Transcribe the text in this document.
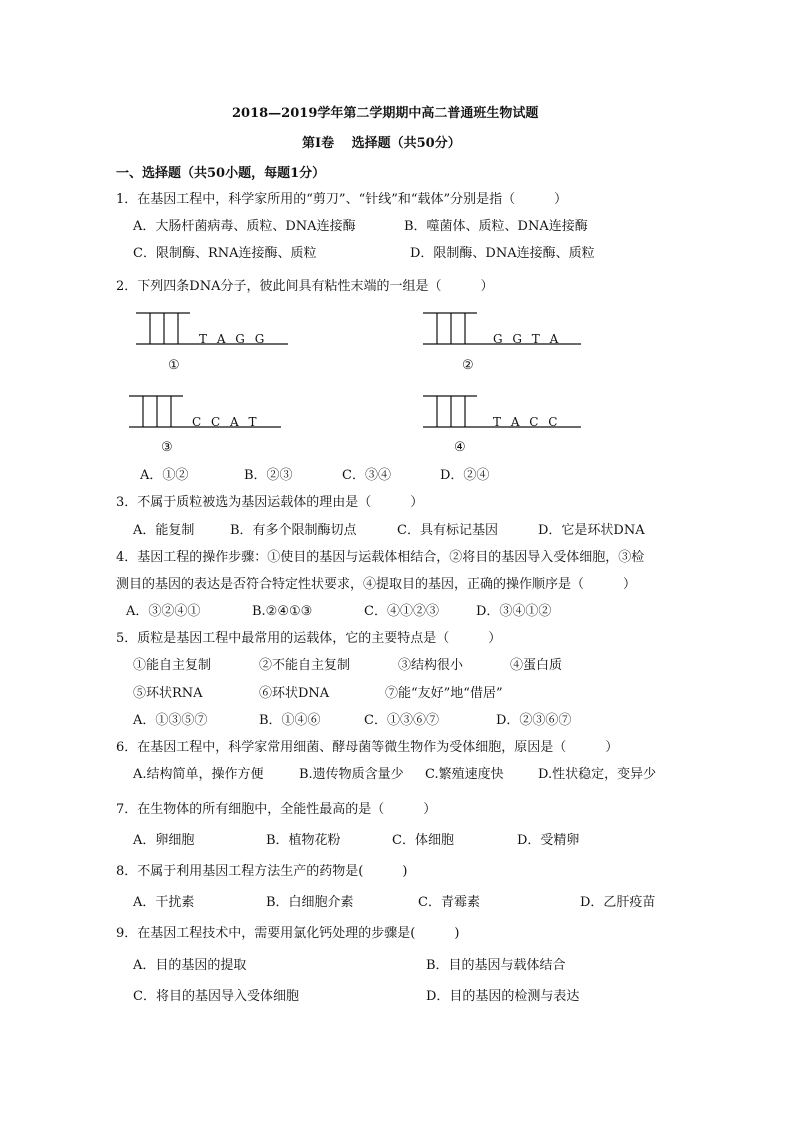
2018—2019学年第二学期期中高二普通班生物试题
第Ⅰ卷　 选择题（共50分）
一、选择题（共50小题，每题1分）
1．在基因工程中，科学家所用的“剪刀”、“针线”和“载体”分别是指（　　　）
A．大肠杆菌病毒、质粒、DNA连接酶	B．噬菌体、质粒、DNA连接酶
C．限制酶、RNA连接酶、质粒	D．限制酶、DNA连接酶、质粒
2．下列四条DNA分子，彼此间具有粘性末端的一组是（　　　）
T A G G
①
G G T A
②
C C A T
③
T A C C
④
A．①②	B．②③	C．③④	D．②④
3．不属于质粒被选为基因运载体的理由是（　　　）
A．能复制	B．有多个限制酶切点	C．具有标记基因	D．它是环状DNA
4．基因工程的操作步骤：①使目的基因与运载体相结合，②将目的基因导入受体细胞，③检
测目的基因的表达是否符合特定性状要求，④提取目的基因，正确的操作顺序是（　　　）
A．③②④①	B.②④①③	C．④①②③	D．③④①②
5．质粒是基因工程中最常用的运载体，它的主要特点是（　　　）
①能自主复制	②不能自主复制	③结构很小	④蛋白质
⑤环状RNA	⑥环状DNA	⑦能“友好”地“借居”
A．①③⑤⑦	B．①④⑥	C．①③⑥⑦	D．②③⑥⑦
6．在基因工程中，科学家常用细菌、酵母菌等微生物作为受体细胞，原因是（　　　）
A.结构简单，操作方便	B.遗传物质含量少 C.繁殖速度快	D.性状稳定，变异少
7．在生物体的所有细胞中，全能性最高的是（　　　）
A．卵细胞	B．植物花粉	C．体细胞	D．受精卵
8．不属于利用基因工程方法生产的药物是(　　　)
A．干扰素	B．白细胞介素	C．青霉素	D．乙肝疫苗
9．在基因工程技术中，需要用氯化钙处理的步骤是(　　　)
A．目的基因的提取	B．目的基因与载体结合
C．将目的基因导入受体细胞	D．目的基因的检测与表达
